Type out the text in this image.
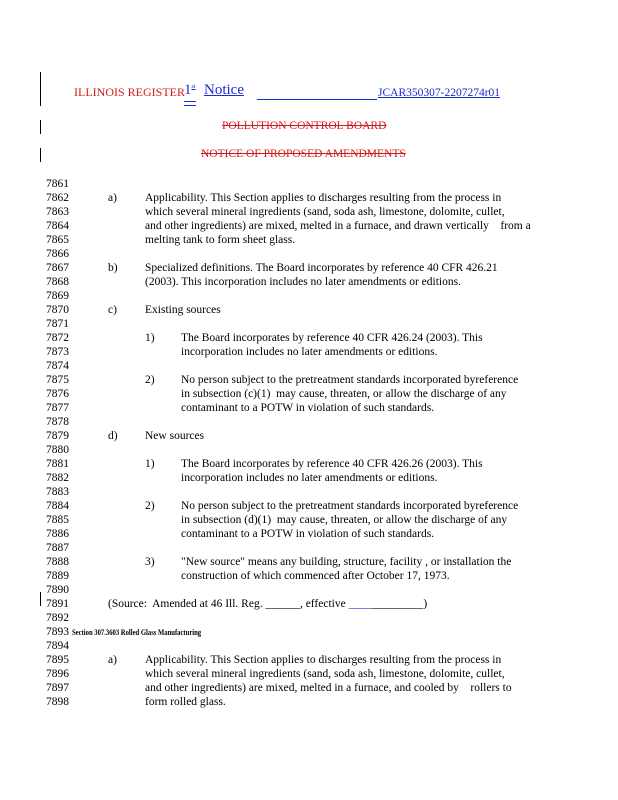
ILLINOIS REGISTER 1st Notice	JCAR350307-2207274r01
POLLUTION CONTROL BOARD
NOTICE OF PROPOSED AMENDMENTS
7861
7862
7863
7864
7865
7866
7867
7868
7869
7870
7871
7872
7873
7874
7875
7876
7877
7878
7879
7880
7881
7882
7883
7884
7885
7886
7887
7888
7889
7890
7891
7892
7893
7894
7895
7896
7897
7898
a) Applicability. This Section applies to discharges resulting from the process in
which several mineral ingredients (sand, soda ash, limestone, dolomite, cullet,
and other ingredients) are mixed, melted in a furnace, and drawn vertically    from a
melting tank to form sheet glass.
b) Specialized definitions. The Board incorporates by reference 40 CFR 426.21
(2003). This incorporation includes no later amendments or editions.
c) Existing sources
1) The Board incorporates by reference 40 CFR 426.24 (2003). This
incorporation includes no later amendments or editions.
2) No person subject to the pretreatment standards incorporated byreference
in subsection (c)(1)  may cause, threaten, or allow the discharge of any
contaminant to a POTW in violation of such standards.
d) New sources
1) The Board incorporates by reference 40 CFR 426.26 (2003). This
incorporation includes no later amendments or editions.
2) No person subject to the pretreatment standards incorporated byreference
in subsection (d)(1)  may cause, threaten, or allow the discharge of any
contaminant to a POTW in violation of such standards.
3) "New source" means any building, structure, facility , or installation the
construction of which commenced after October 17, 1973.
(Source:  Amended at 46 Ill. Reg. ______, effective _____________)
Section 307.3603 Rolled Glass Manufacturing
a) Applicability. This Section applies to discharges resulting from the process in
which several mineral ingredients (sand, soda ash, limestone, dolomite, cullet,
and other ingredients) are mixed, melted in a furnace, and cooled by    rollers to
form rolled glass.
